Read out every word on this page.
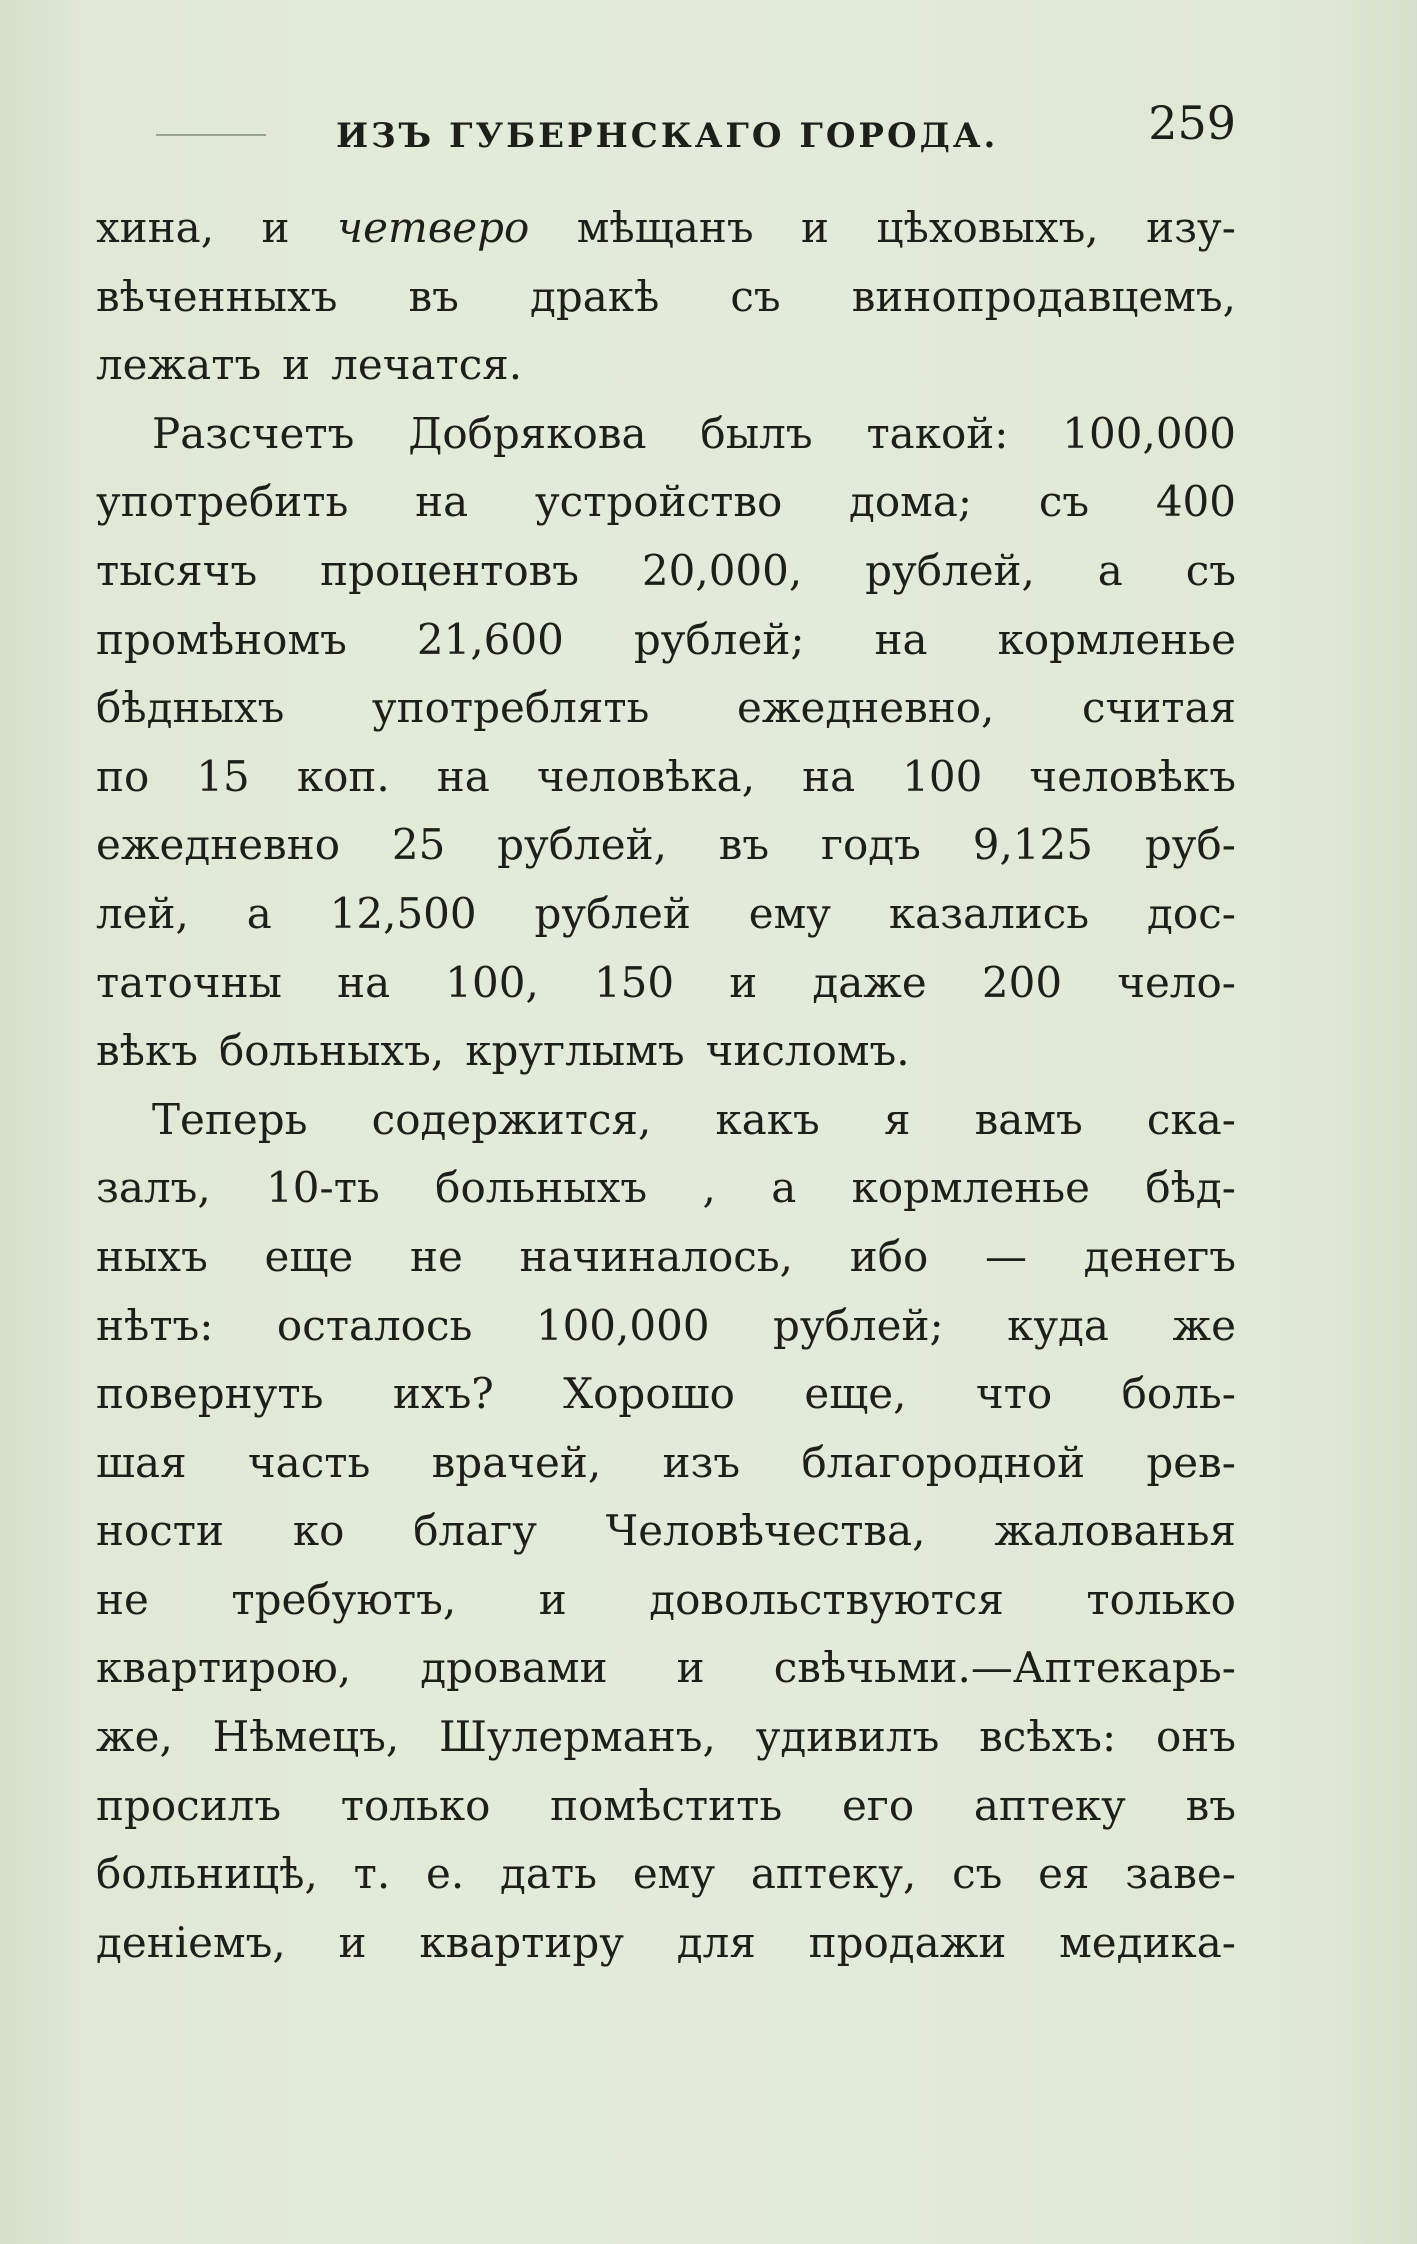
ИЗЪ ГУБЕРНСКАГО ГОРОДА.	259
хина, и четверо мѣщанъ и цѣховыхъ, изу-
вѣченныхъ въ дракѣ съ винопродавцемъ,
лежатъ и лечатся.
Разсчетъ Добрякова былъ такой: 100,000
употребить на устройство дома; съ 400
тысячъ процентовъ 20,000, рублей, а съ
промѣномъ 21,600 рублей; на кормленье
бѣдныхъ употреблять ежедневно, считая
по 15 коп. на человѣка, на 100 человѣкъ
ежедневно 25 рублей, въ годъ 9,125 руб-
лей, а 12,500 рублей ему казались дос-
таточны на 100, 150 и даже 200 чело-
вѣкъ больныхъ, круглымъ числомъ.
Теперь содержится, какъ я вамъ ска-
залъ, 10-ть больныхъ , а кормленье бѣд-
ныхъ еще не начиналось, ибо — денегъ
нѣтъ: осталось 100,000 рублей; куда же
повернуть ихъ? Хорошо еще, что боль-
шая часть врачей, изъ благородной рев-
ности ко благу Человѣчества, жалованья
не требуютъ, и довольствуются только
квартирою, дровами и свѣчьми.—Аптекарь-
же, Нѣмецъ, Шулерманъ, удивилъ всѣхъ: онъ
просилъ только помѣстить его аптеку въ
больницѣ, т. е. дать ему аптеку, съ ея заве-
денiемъ, и квартиру для продажи медика-
